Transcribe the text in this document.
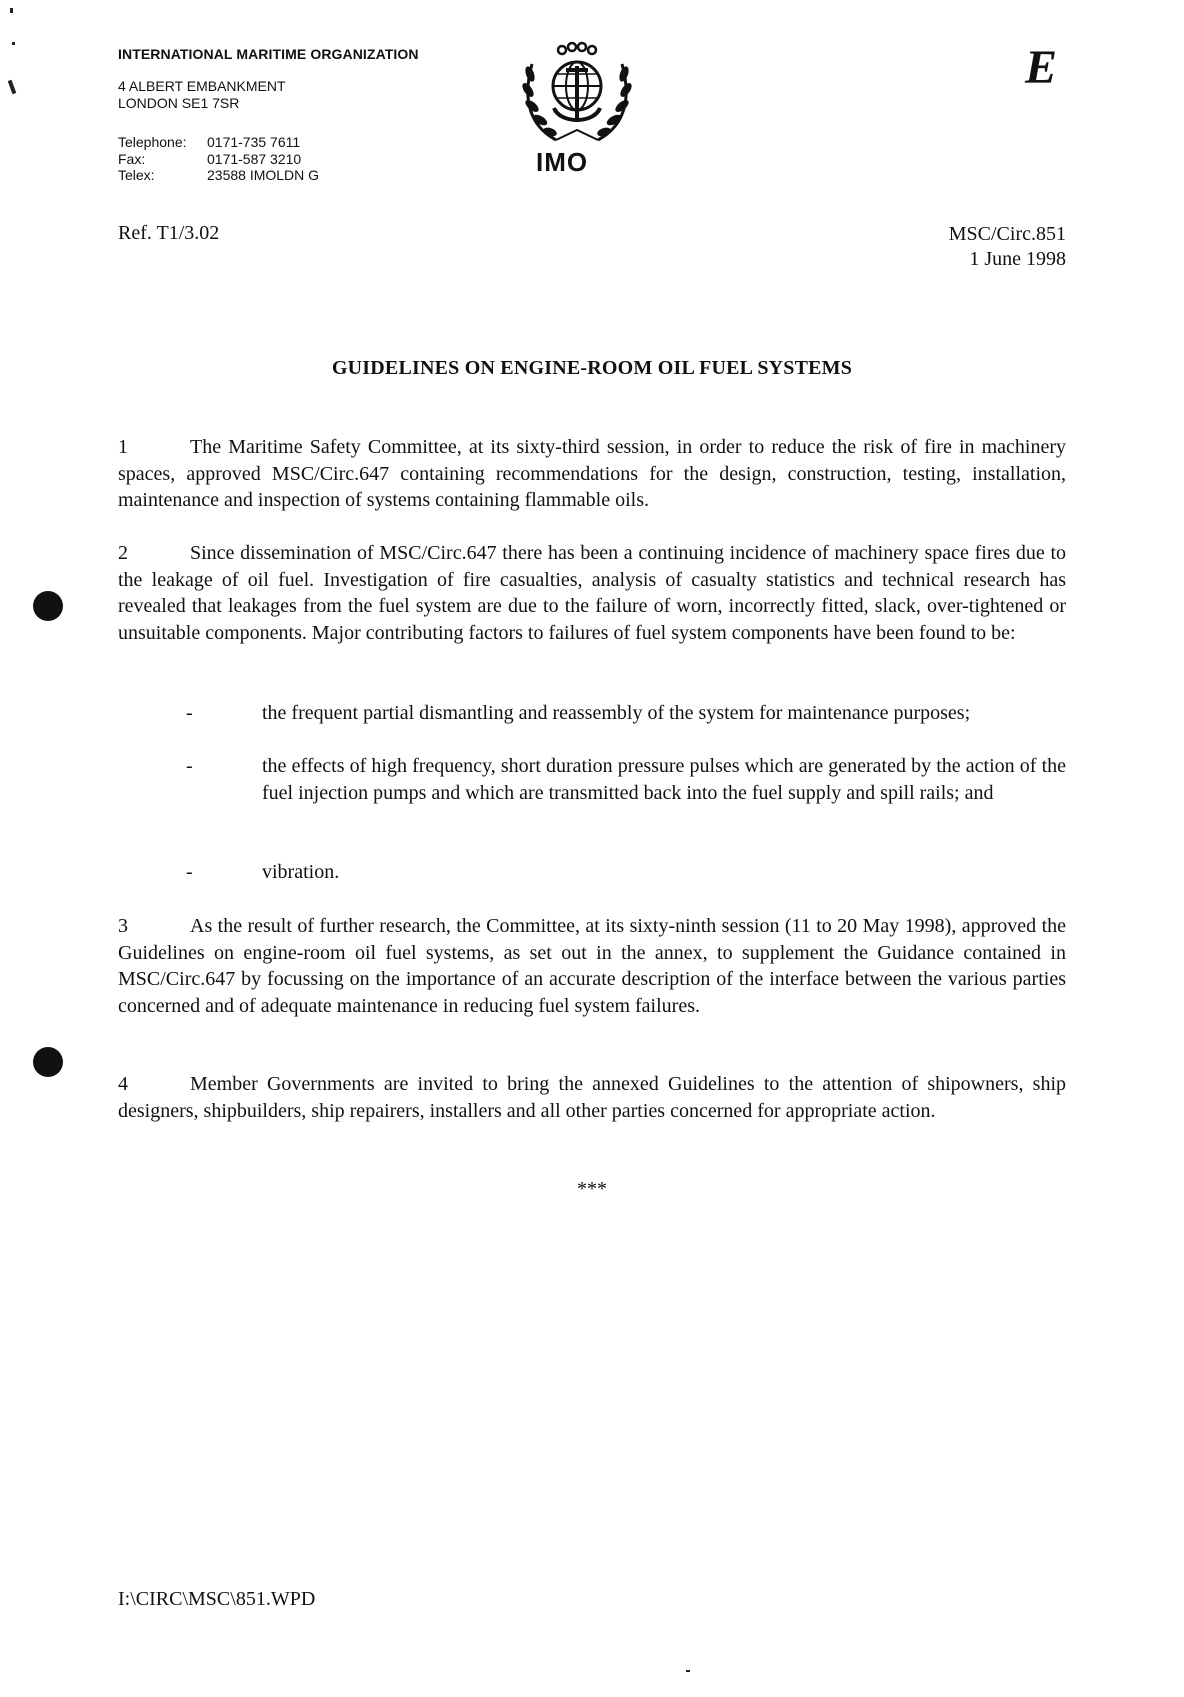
INTERNATIONAL MARITIME ORGANIZATION
4 ALBERT EMBANKMENT
LONDON SE1 7SR
Telephone:	0171-735 7611
Fax:	0171-587 3210
Telex:	23588 IMOLDN G	IMO
E
Ref. T1/3.02	MSC/Circ.851
1 June 1998
GUIDELINES ON ENGINE-ROOM OIL FUEL SYSTEMS
1	The Maritime Safety Committee, at its sixty-third session, in order to reduce the risk of fire in machinery spaces, approved MSC/Circ.647 containing recommendations for the design, construction, testing, installation, maintenance and inspection of systems containing flammable oils.
2	Since dissemination of MSC/Circ.647 there has been a continuing incidence of machinery space fires due to the leakage of oil fuel. Investigation of fire casualties, analysis of casualty statistics and technical research has revealed that leakages from the fuel system are due to the failure of worn, incorrectly fitted, slack, over-tightened or unsuitable components. Major contributing factors to failures of fuel system components have been found to be:
-	the frequent partial dismantling and reassembly of the system for maintenance purposes;
-	the effects of high frequency, short duration pressure pulses which are generated by the action of the fuel injection pumps and which are transmitted back into the fuel supply and spill rails; and
-	vibration.
3	As the result of further research, the Committee, at its sixty-ninth session (11 to 20 May 1998), approved the Guidelines on engine-room oil fuel systems, as set out in the annex, to supplement the Guidance contained in MSC/Circ.647 by focussing on the importance of an accurate description of the interface between the various parties concerned and of adequate maintenance in reducing fuel system failures.
4	Member Governments are invited to bring the annexed Guidelines to the attention of shipowners, ship designers, shipbuilders, ship repairers, installers and all other parties concerned for appropriate action.
***
I:\CIRC\MSC\851.WPD
